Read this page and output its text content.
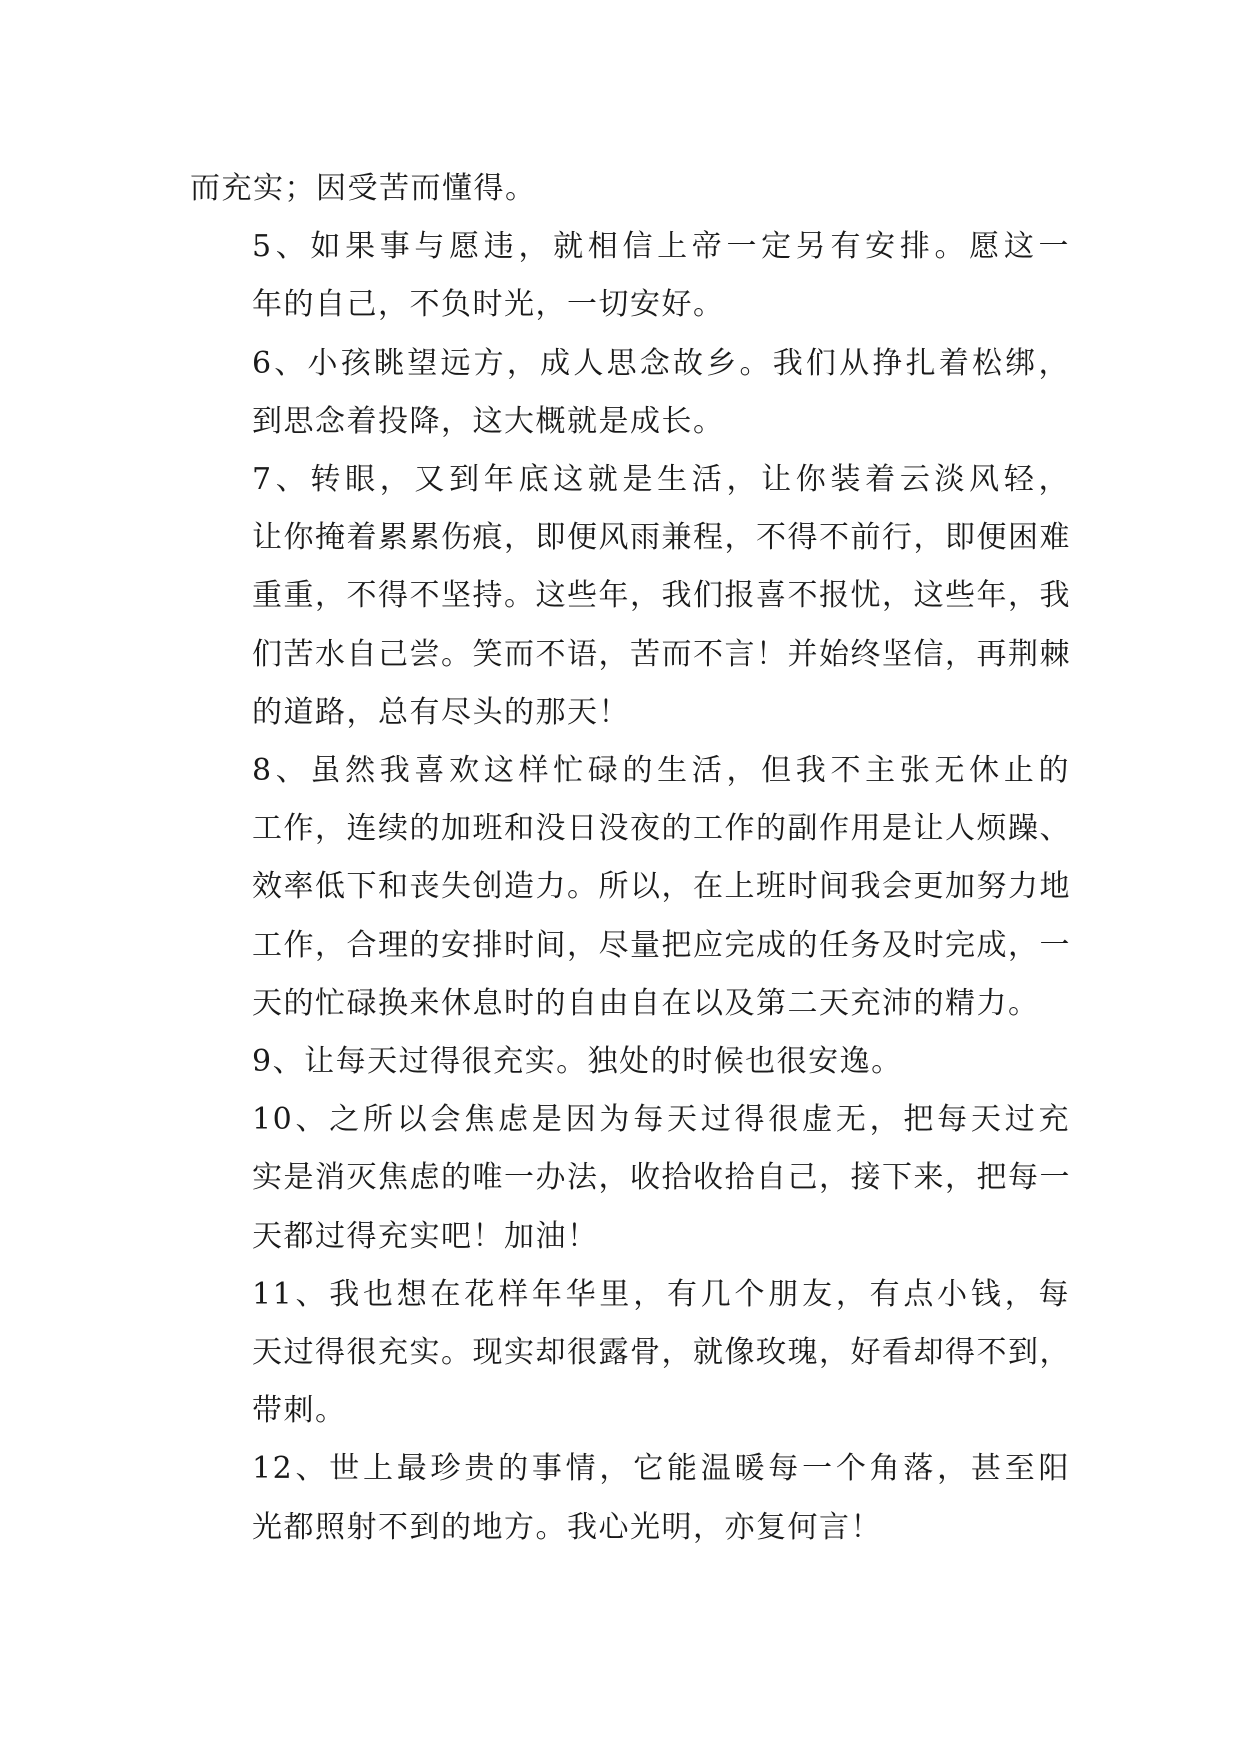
而充实；因受苦而懂得。
5、如果事与愿违，就相信上帝一定另有安排。愿这一
年的自己，不负时光，一切安好。
6、小孩眺望远方，成人思念故乡。我们从挣扎着松绑，
到思念着投降，这大概就是成长。
7、转眼，又到年底这就是生活，让你装着云淡风轻，
让你掩着累累伤痕，即便风雨兼程，不得不前行，即便困难
重重，不得不坚持。这些年，我们报喜不报忧，这些年，我
们苦水自己尝。笑而不语，苦而不言！并始终坚信，再荆棘
的道路，总有尽头的那天！
8、虽然我喜欢这样忙碌的生活，但我不主张无休止的
工作，连续的加班和没日没夜的工作的副作用是让人烦躁、
效率低下和丧失创造力。所以，在上班时间我会更加努力地
工作，合理的安排时间，尽量把应完成的任务及时完成，一
天的忙碌换来休息时的自由自在以及第二天充沛的精力。
9、让每天过得很充实。独处的时候也很安逸。
10、之所以会焦虑是因为每天过得很虚无，把每天过充
实是消灭焦虑的唯一办法，收拾收拾自己，接下来，把每一
天都过得充实吧！加油！
11、我也想在花样年华里，有几个朋友，有点小钱，每
天过得很充实。现实却很露骨，就像玫瑰，好看却得不到，
带刺。
12、世上最珍贵的事情，它能温暖每一个角落，甚至阳
光都照射不到的地方。我心光明，亦复何言！
